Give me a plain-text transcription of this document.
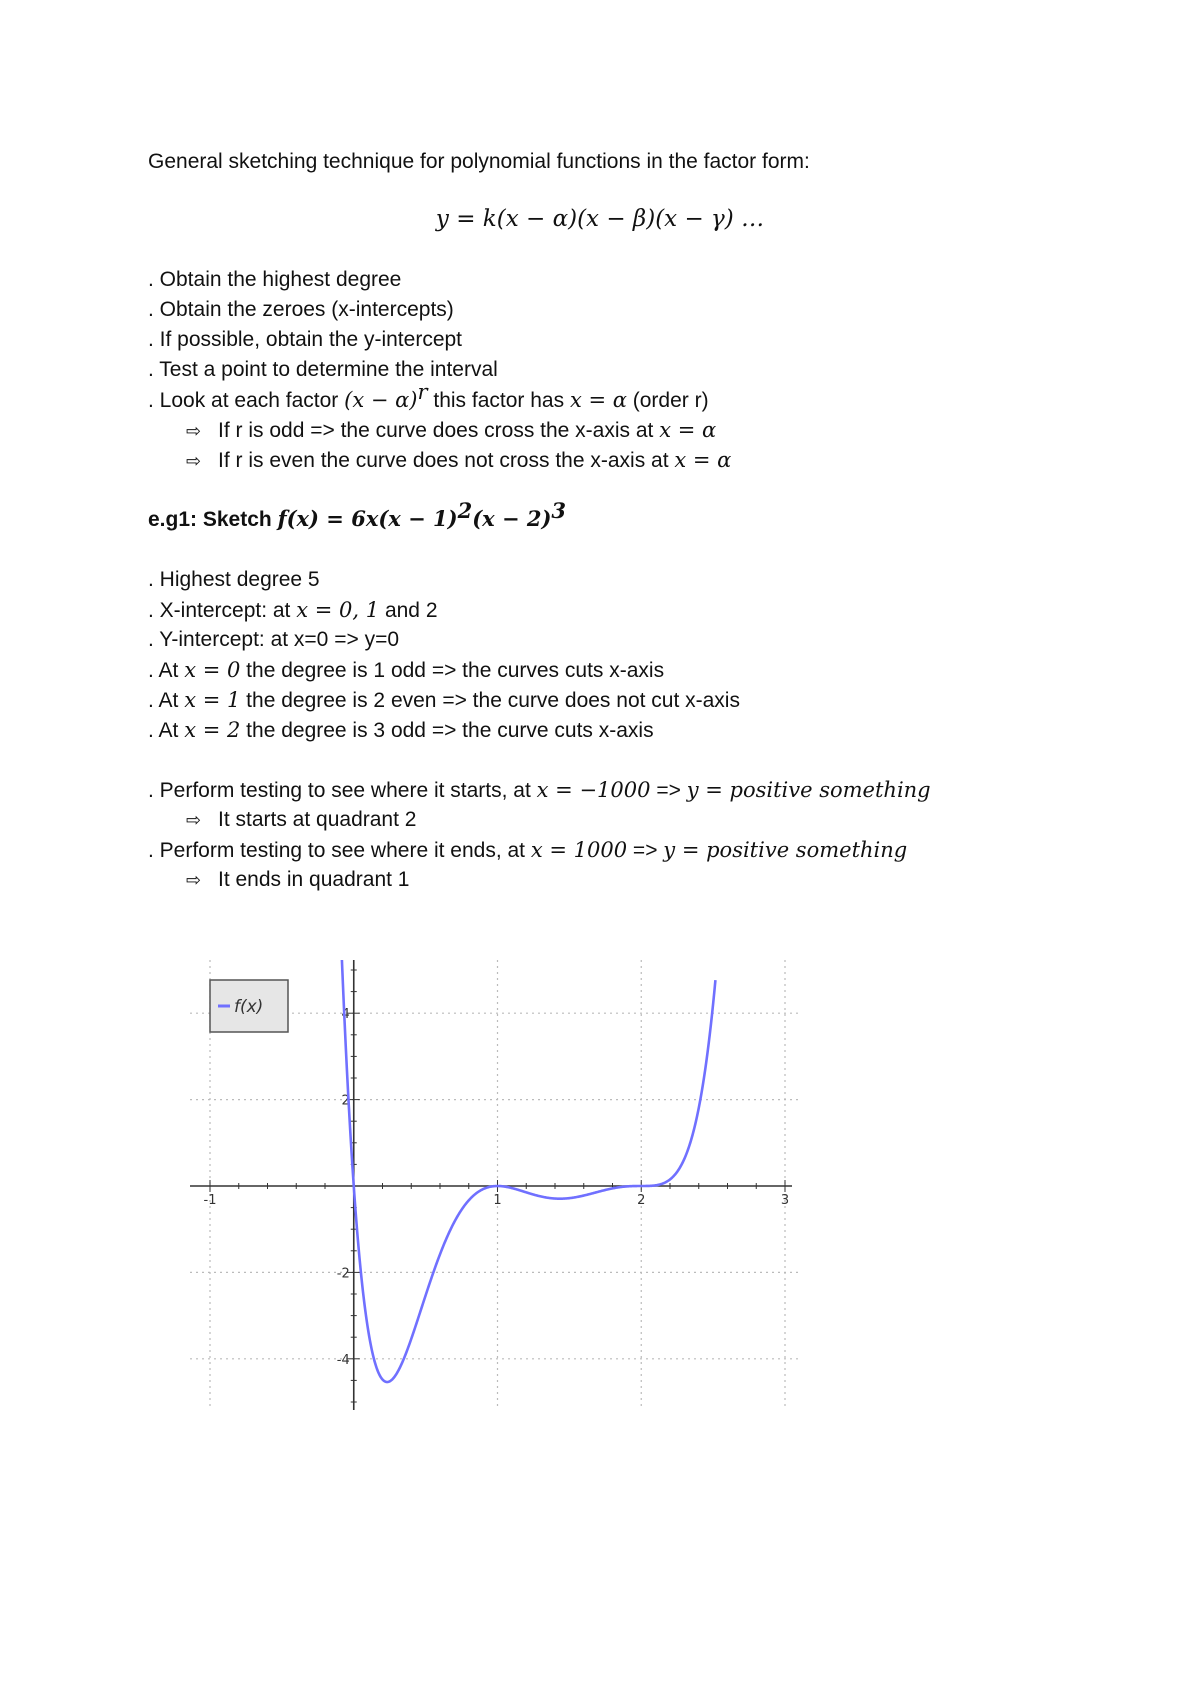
General sketching technique for polynomial functions in the factor form:
y = k(x − α)(x − β)(x − γ) …
. Obtain the highest degree
. Obtain the zeroes (x-intercepts)
. If possible, obtain the y-intercept
. Test a point to determine the interval
. Look at each factor $(x - \alpha)^r$ this factor has x = α (order r)
⇨ If r is odd => the curve does cross the x-axis at x = α
⇨ If r is even the curve does not cross the x-axis at x = α
e.g1: Sketch $f(x) = 6x(x - 1)^2(x - 2)^3$
. Highest degree 5
. X-intercept: at x = 0, 1 and 2
. Y-intercept: at x=0 => y=0
. At x = 0 the degree is 1 odd => the curves cuts x-axis
. At x = 1 the degree is 2 even => the curve does not cut x-axis
. At x = 2 the degree is 3 odd => the curve cuts x-axis
. Perform testing to see where it starts, at x = −1000 => y = positive something
⇨ It starts at quadrant 2
. Perform testing to see where it ends, at x = 1000 => y = positive something
⇨ It ends in quadrant 1
-1	1	2	3
4
2
-2
-4
f(x)
